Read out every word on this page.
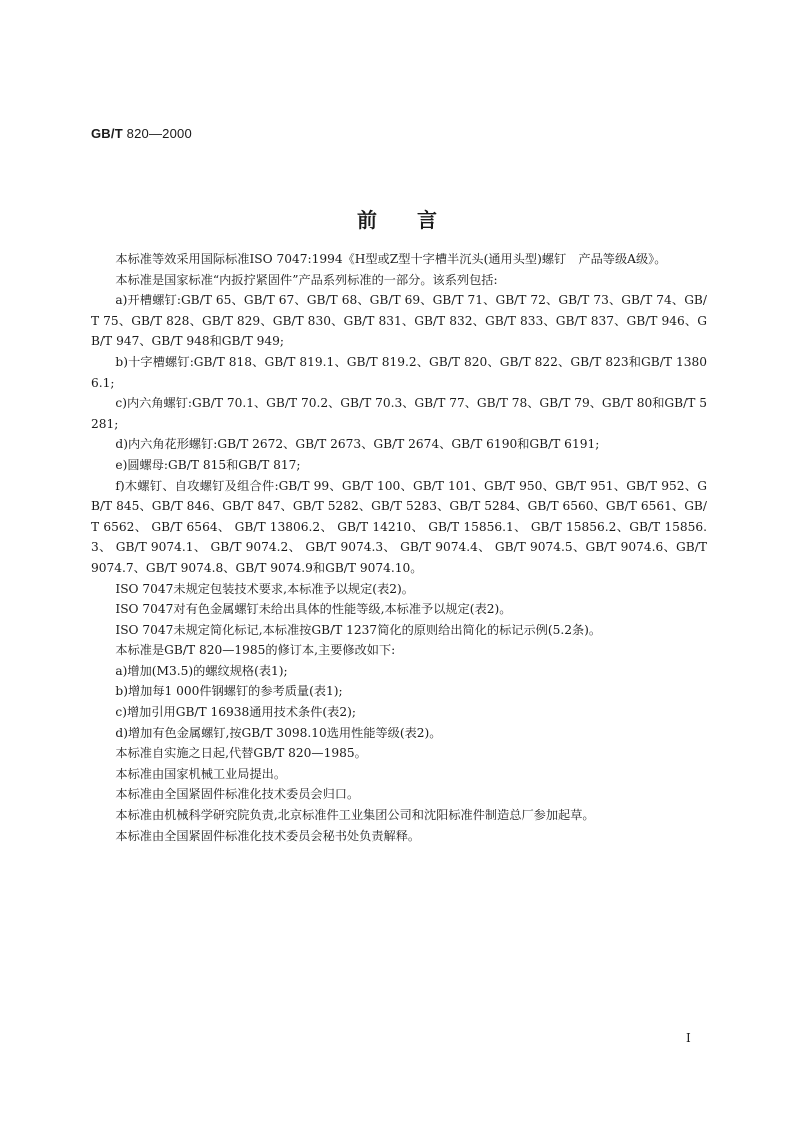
GB/T 820—2000
前言

本标准等效采用国际标准ISO 7047:1994《H型或Z型十字槽半沉头(通用头型)螺钉　产品等级A级》。

本标准是国家标准“内扳拧紧固件”产品系列标准的一部分。该系列包括:

a)开槽螺钉:GB/T 65、GB/T 67、GB/T 68、GB/T 69、GB/T 71、GB/T 72、GB/T 73、GB/T 74、GB/T 75、GB/T 828、GB/T 829、GB/T 830、GB/T 831、GB/T 832、GB/T 833、GB/T 837、GB/T 946、GB/T 947、GB/T 948和GB/T 949;

b)十字槽螺钉:GB/T 818、GB/T 819.1、GB/T 819.2、GB/T 820、GB/T 822、GB/T 823和GB/T 13806.1;

c)内六角螺钉:GB/T 70.1、GB/T 70.2、GB/T 70.3、GB/T 77、GB/T 78、GB/T 79、GB/T 80和GB/T 5281;

d)内六角花形螺钉:GB/T 2672、GB/T 2673、GB/T 2674、GB/T 6190和GB/T 6191;

e)圆螺母:GB/T 815和GB/T 817;

f)木螺钉、自攻螺钉及组合件:GB/T 99、GB/T 100、GB/T 101、GB/T 950、GB/T 951、GB/T 952、GB/T 845、GB/T 846、GB/T 847、GB/T 5282、GB/T 5283、GB/T 5284、GB/T 6560、GB/T 6561、GB/T 6562、 GB/T 6564、 GB/T 13806.2、 GB/T 14210、 GB/T 15856.1、 GB/T 15856.2、GB/T 15856.3、 GB/T 9074.1、 GB/T 9074.2、 GB/T 9074.3、 GB/T 9074.4、 GB/T 9074.5、GB/T 9074.6、GB/T 9074.7、GB/T 9074.8、GB/T 9074.9和GB/T 9074.10。

ISO 7047未规定包装技术要求,本标准予以规定(表2)。

ISO 7047对有色金属螺钉未给出具体的性能等级,本标准予以规定(表2)。

ISO 7047未规定简化标记,本标准按GB/T 1237简化的原则给出简化的标记示例(5.2条)。

本标准是GB/T 820—1985的修订本,主要修改如下:

a)增加(M3.5)的螺纹规格(表1);

b)增加每1 000件钢螺钉的参考质量(表1);

c)增加引用GB/T 16938通用技术条件(表2);

d)增加有色金属螺钉,按GB/T 3098.10选用性能等级(表2)。

本标准自实施之日起,代替GB/T 820—1985。

本标准由国家机械工业局提出。

本标准由全国紧固件标准化技术委员会归口。

本标准由机械科学研究院负责,北京标准件工业集团公司和沈阳标准件制造总厂参加起草。

本标准由全国紧固件标准化技术委员会秘书处负责解释。

I
